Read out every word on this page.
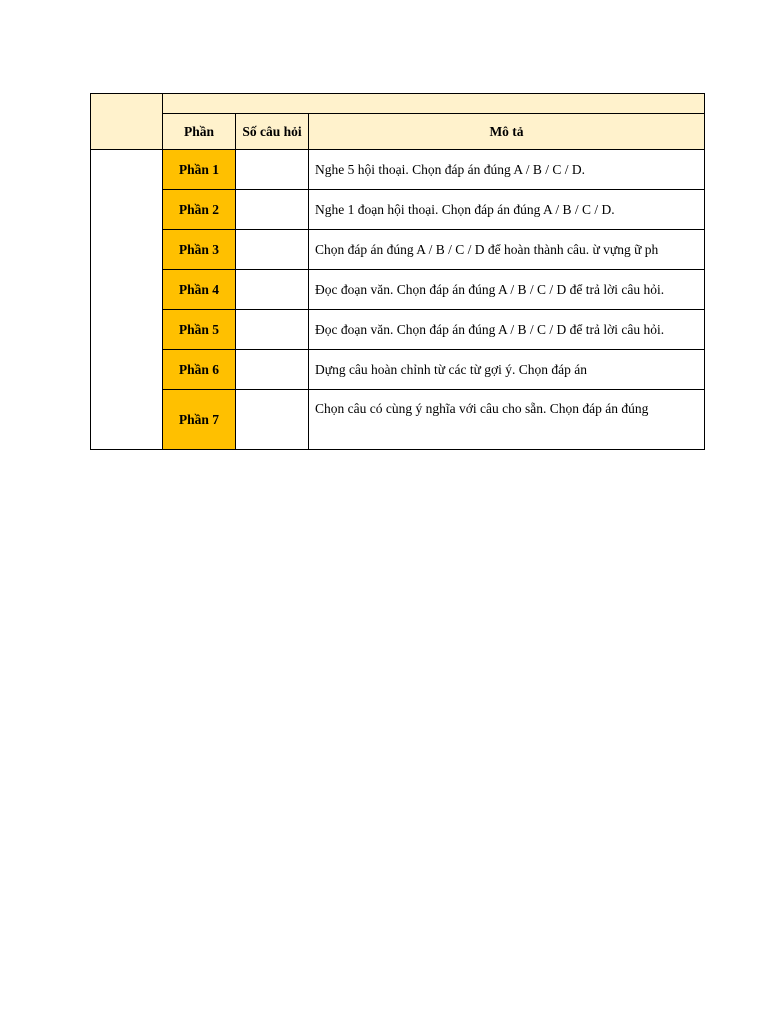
	Phần	Số câu hỏi	Mô tả
	Phần 1		Nghe 5 hội thoại. Chọn đáp án đúng A / B / C / D.
	Phần 2		Nghe 1 đoạn hội thoại. Chọn đáp án đúng A / B / C / D.
	Phần 3		Chọn đáp án đúng A / B / C / D để hoàn thành câu. ừ vựng ữ ph
	Phần 4		Đọc đoạn văn. Chọn đáp án đúng A / B / C / D để trả lời câu hỏi.
	Phần 5		Đọc đoạn văn. Chọn đáp án đúng A / B / C / D để trả lời câu hỏi.
	Phần 6		Dựng câu hoàn chỉnh từ các từ gợi ý. Chọn đáp án
	Phần 7		Chọn câu có cùng ý nghĩa với câu cho sẵn. Chọn đáp án đúng
